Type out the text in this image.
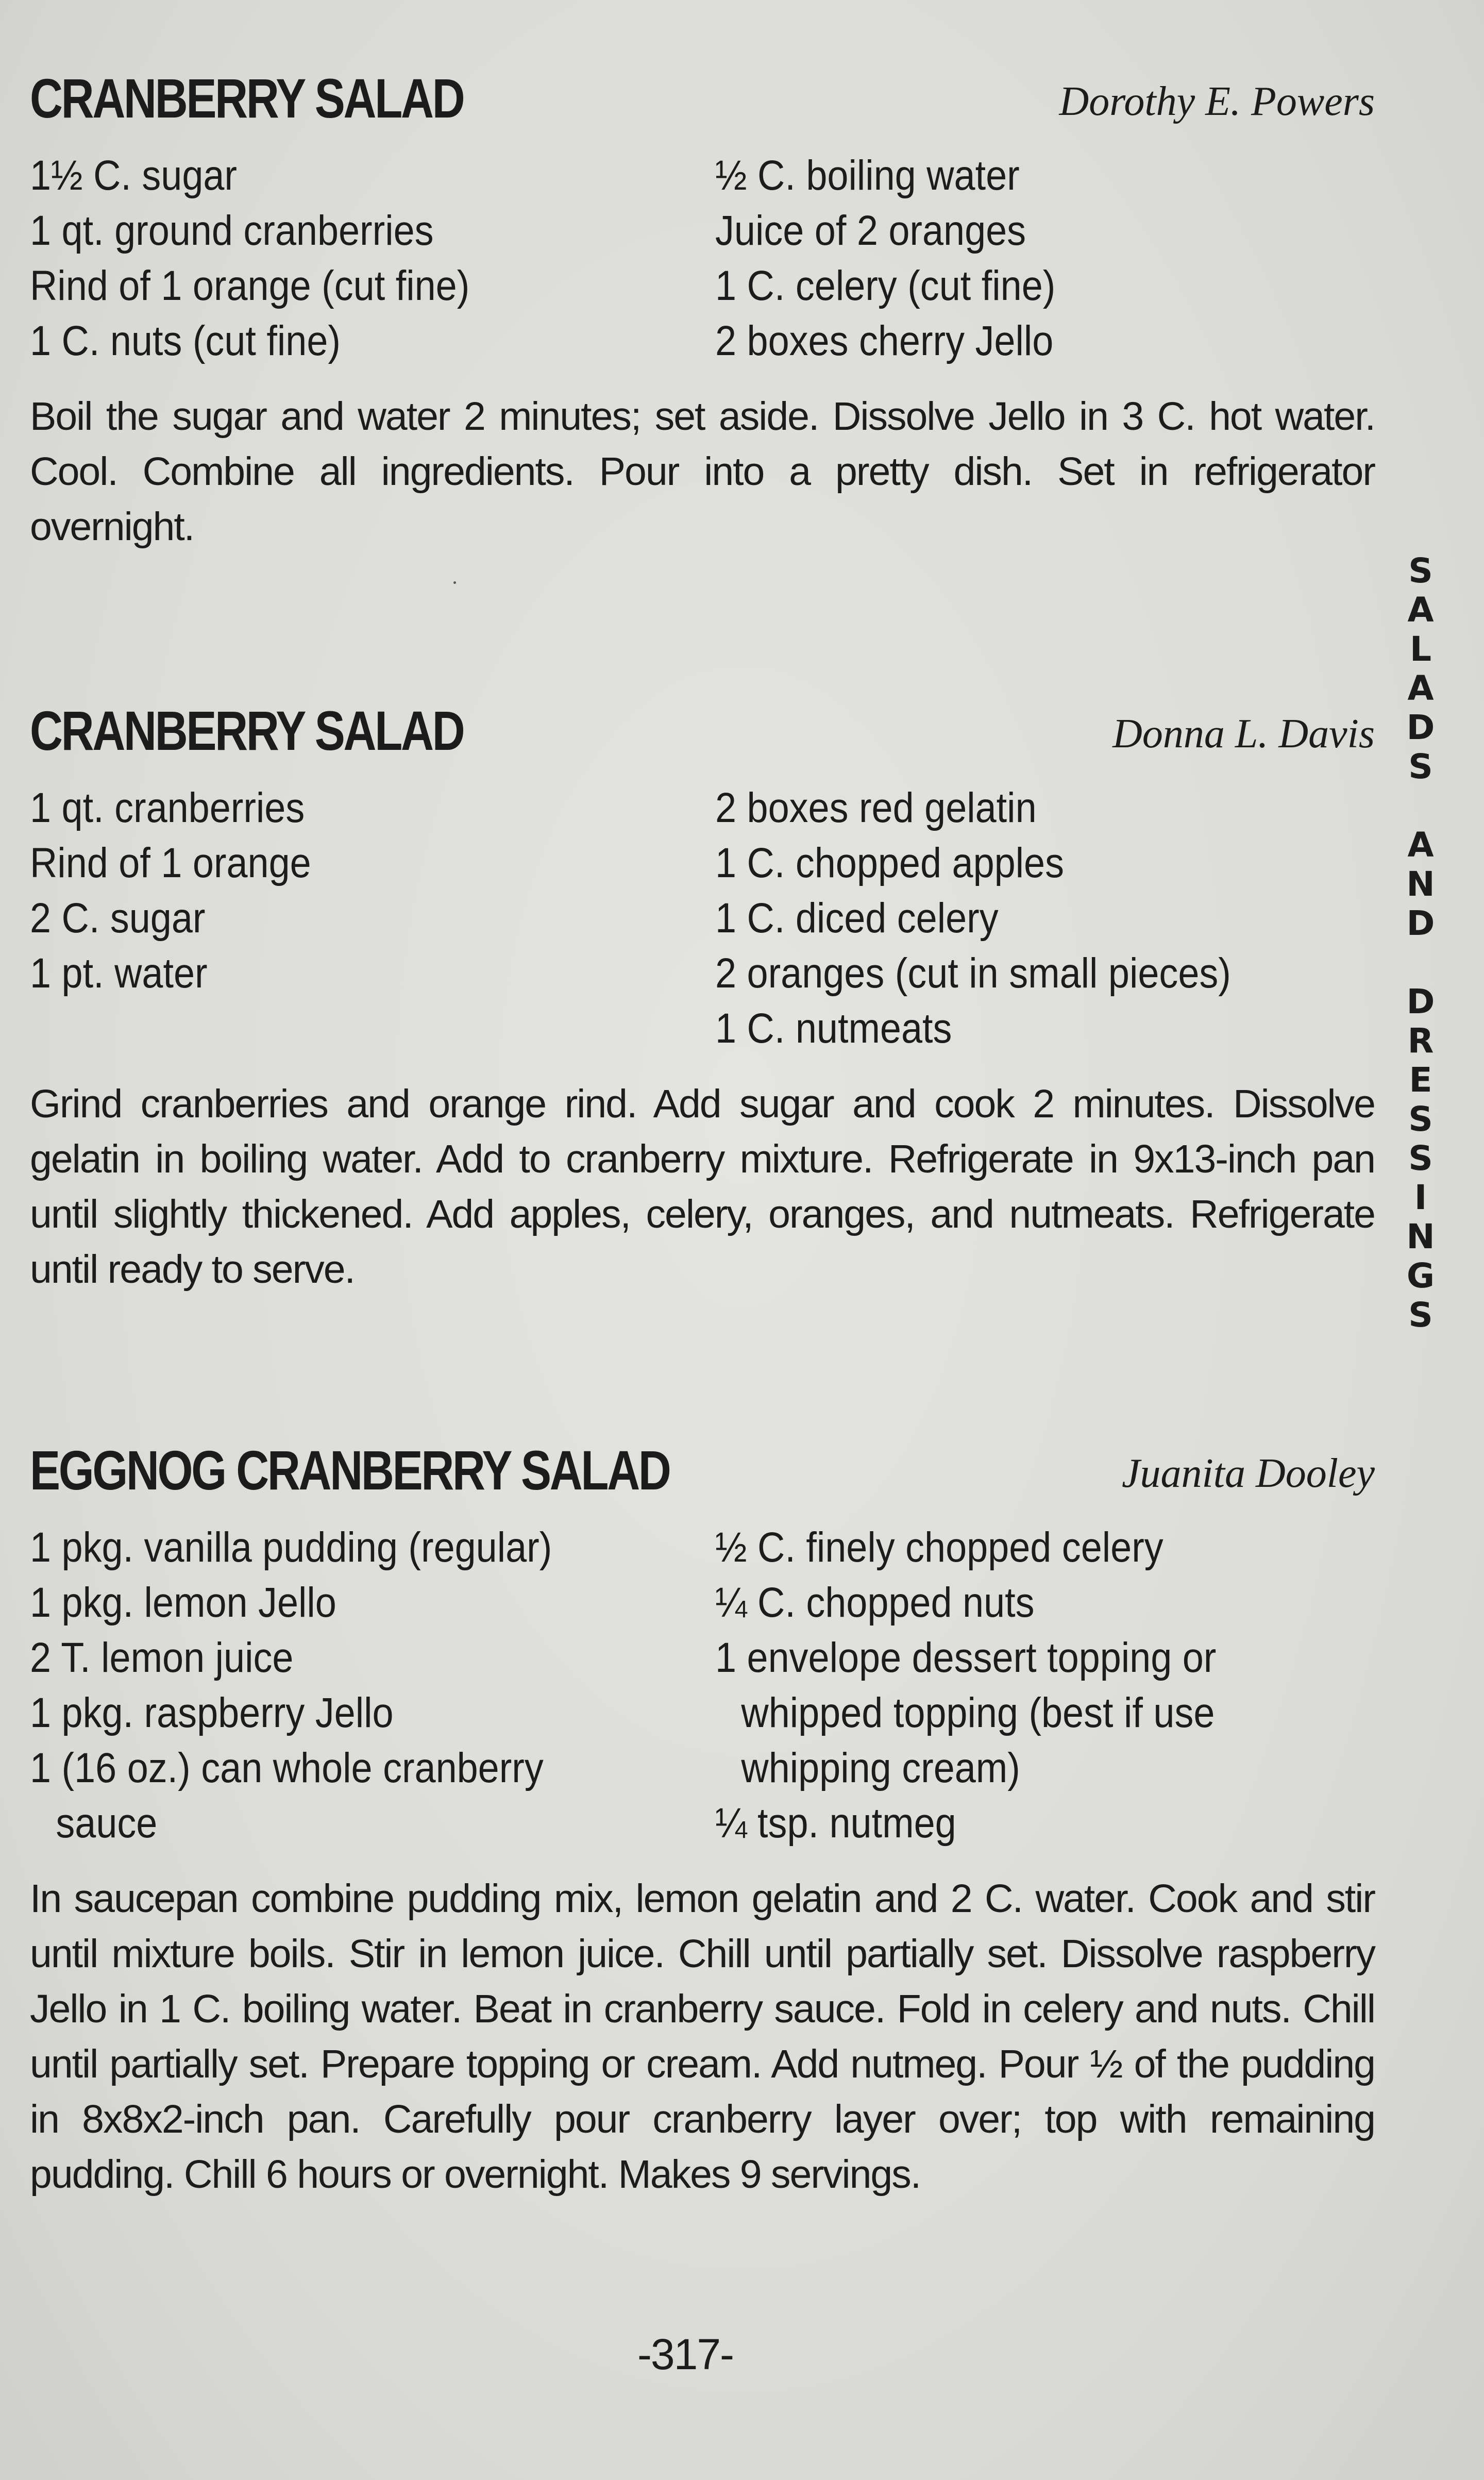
CRANBERRY SALAD	Dorothy E. Powers
1½ C. sugar
1 qt. ground cranberries
Rind of 1 orange (cut fine)
1 C. nuts (cut fine)
½ C. boiling water
Juice of 2 oranges
1 C. celery (cut fine)
2 boxes cherry Jello
Boil the sugar and water 2 minutes; set aside. Dissolve Jello in 3 C. hot water. Cool. Combine all ingredients. Pour into a pretty dish. Set in refrigerator overnight.
CRANBERRY SALAD	Donna L. Davis
1 qt. cranberries
Rind of 1 orange
2 C. sugar
1 pt. water
2 boxes red gelatin
1 C. chopped apples
1 C. diced celery
2 oranges (cut in small pieces)
1 C. nutmeats
Grind cranberries and orange rind. Add sugar and cook 2 minutes. Dissolve gelatin in boiling water. Add to cranberry mixture. Refrigerate in 9x13-inch pan until slightly thickened. Add apples, celery, oranges, and nutmeats. Refrigerate until ready to serve.
EGGNOG CRANBERRY SALAD	Juanita Dooley
1 pkg. vanilla pudding (regular)
1 pkg. lemon Jello
2 T. lemon juice
1 pkg. raspberry Jello
1 (16 oz.) can whole cranberry
sauce
½ C. finely chopped celery
¼ C. chopped nuts
1 envelope dessert topping or
whipped topping (best if use
whipping cream)
¼ tsp. nutmeg
In saucepan combine pudding mix, lemon gelatin and 2 C. water. Cook and stir until mixture boils. Stir in lemon juice. Chill until partially set. Dissolve raspberry Jello in 1 C. boiling water. Beat in cranberry sauce. Fold in celery and nuts. Chill until partially set. Prepare topping or cream. Add nutmeg. Pour ½ of the pudding in 8x8x2-inch pan. Carefully pour cranberry layer over; top with remaining pudding. Chill 6 hours or overnight. Makes 9 servings.
S
A
L
A
D
S
A
N
D
D
R
E
S
S
I
N
G
S
-317-
